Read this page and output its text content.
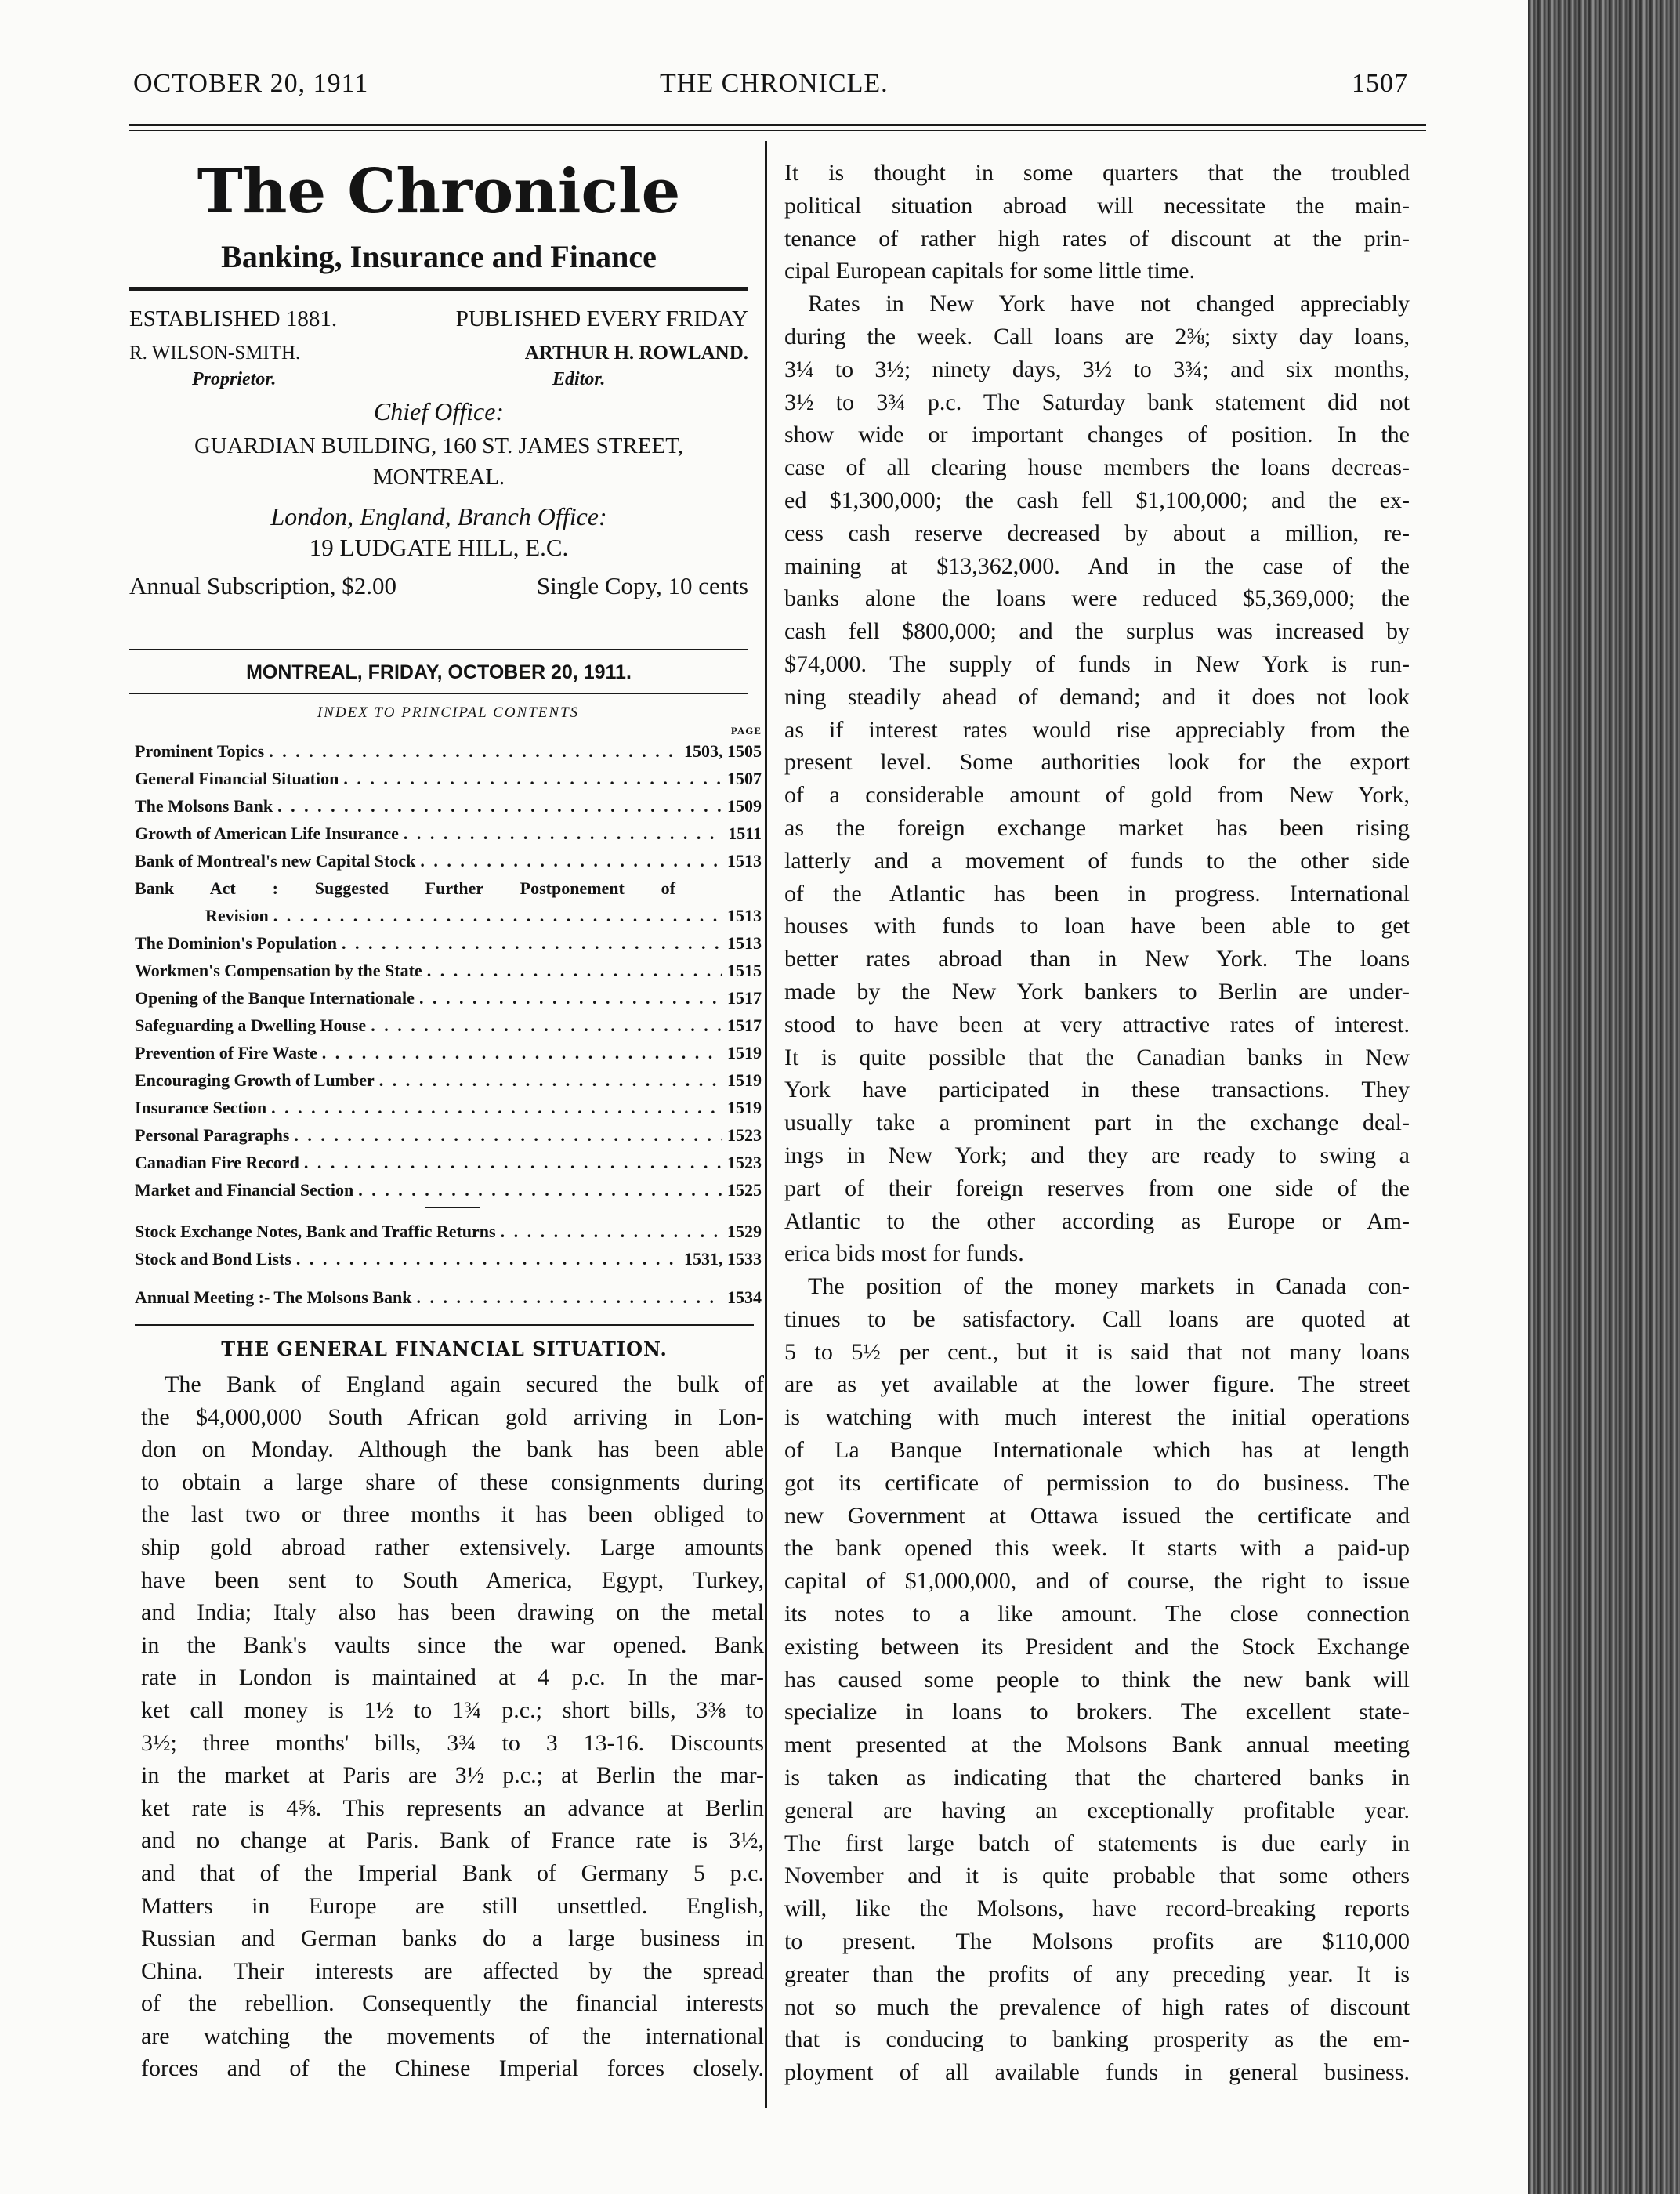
OCTOBER 20, 1911	THE CHRONICLE.	1507
The Chronicle
Banking, Insurance and Finance
ESTABLISHED 1881.	PUBLISHED EVERY FRIDAY
R. WILSON-SMITH.	ARTHUR H. ROWLAND.
Proprietor.	Editor.
Chief Office:
GUARDIAN BUILDING, 160 ST. JAMES STREET,
MONTREAL.
London, England, Branch Office:
19 LUDGATE HILL, E.C.
Annual Subscription, $2.00	Single Copy, 10 cents
MONTREAL, FRIDAY, OCTOBER 20, 1911.
INDEX TO PRINCIPAL CONTENTS
PAGE
Prominent Topics . . .	1503, 1505
General Financial Situation . . .	1507
The Molsons Bank . . .	1509
Growth of American Life Insurance . . .	1511
Bank of Montreal's new Capital Stock . . .	1513
Bank Act : Suggested Further Postponement of
Revision . . .	1513
The Dominion's Population . . .	1513
Workmen's Compensation by the State . . .	1515
Opening of the Banque Internationale . . .	1517
Safeguarding a Dwelling House . . .	1517
Prevention of Fire Waste . . .	1519
Encouraging Growth of Lumber . . .	1519
Insurance Section . . .	1519
Personal Paragraphs . . .	1523
Canadian Fire Record . . .	1523
Market and Financial Section . . .	1525
Stock Exchange Notes, Bank and Traffic Returns . . .	1529
Stock and Bond Lists . . .	1531, 1533
Annual Meeting :- The Molsons Bank . . .	1534
THE GENERAL FINANCIAL SITUATION.
The Bank of England again secured the bulk of
the $4,000,000 South African gold arriving in Lon-
don on Monday. Although the bank has been able
to obtain a large share of these consignments during
the last two or three months it has been obliged to
ship gold abroad rather extensively. Large amounts
have been sent to South America, Egypt, Turkey,
and India; Italy also has been drawing on the metal
in the Bank's vaults since the war opened. Bank
rate in London is maintained at 4 p.c. In the mar-
ket call money is 1½ to 1¾ p.c.; short bills, 3⅜ to
3½; three months' bills, 3¾ to 3 13-16. Discounts
in the market at Paris are 3½ p.c.; at Berlin the mar-
ket rate is 4⅝. This represents an advance at Berlin
and no change at Paris. Bank of France rate is 3½,
and that of the Imperial Bank of Germany 5 p.c.
Matters in Europe are still unsettled. English,
Russian and German banks do a large business in
China. Their interests are affected by the spread
of the rebellion. Consequently the financial interests
are watching the movements of the international
forces and of the Chinese Imperial forces closely.
It is thought in some quarters that the troubled
political situation abroad will necessitate the main-
tenance of rather high rates of discount at the prin-
cipal European capitals for some little time.
Rates in New York have not changed appreciably
during the week. Call loans are 2⅜; sixty day loans,
3¼ to 3½; ninety days, 3½ to 3¾; and six months,
3½ to 3¾ p.c. The Saturday bank statement did not
show wide or important changes of position. In the
case of all clearing house members the loans decreas-
ed $1,300,000; the cash fell $1,100,000; and the ex-
cess cash reserve decreased by about a million, re-
maining at $13,362,000. And in the case of the
banks alone the loans were reduced $5,369,000; the
cash fell $800,000; and the surplus was increased by
$74,000. The supply of funds in New York is run-
ning steadily ahead of demand; and it does not look
as if interest rates would rise appreciably from the
present level. Some authorities look for the export
of a considerable amount of gold from New York,
as the foreign exchange market has been rising
latterly and a movement of funds to the other side
of the Atlantic has been in progress. International
houses with funds to loan have been able to get
better rates abroad than in New York. The loans
made by the New York bankers to Berlin are under-
stood to have been at very attractive rates of interest.
It is quite possible that the Canadian banks in New
York have participated in these transactions. They
usually take a prominent part in the exchange deal-
ings in New York; and they are ready to swing a
part of their foreign reserves from one side of the
Atlantic to the other according as Europe or Am-
erica bids most for funds.
The position of the money markets in Canada con-
tinues to be satisfactory. Call loans are quoted at
5 to 5½ per cent., but it is said that not many loans
are as yet available at the lower figure. The street
is watching with much interest the initial operations
of La Banque Internationale which has at length
got its certificate of permission to do business. The
new Government at Ottawa issued the certificate and
the bank opened this week. It starts with a paid-up
capital of $1,000,000, and of course, the right to issue
its notes to a like amount. The close connection
existing between its President and the Stock Exchange
has caused some people to think the new bank will
specialize in loans to brokers. The excellent state-
ment presented at the Molsons Bank annual meeting
is taken as indicating that the chartered banks in
general are having an exceptionally profitable year.
The first large batch of statements is due early in
November and it is quite probable that some others
will, like the Molsons, have record-breaking reports
to present. The Molsons profits are $110,000
greater than the profits of any preceding year. It is
not so much the prevalence of high rates of discount
that is conducing to banking prosperity as the em-
ployment of all available funds in general business.
